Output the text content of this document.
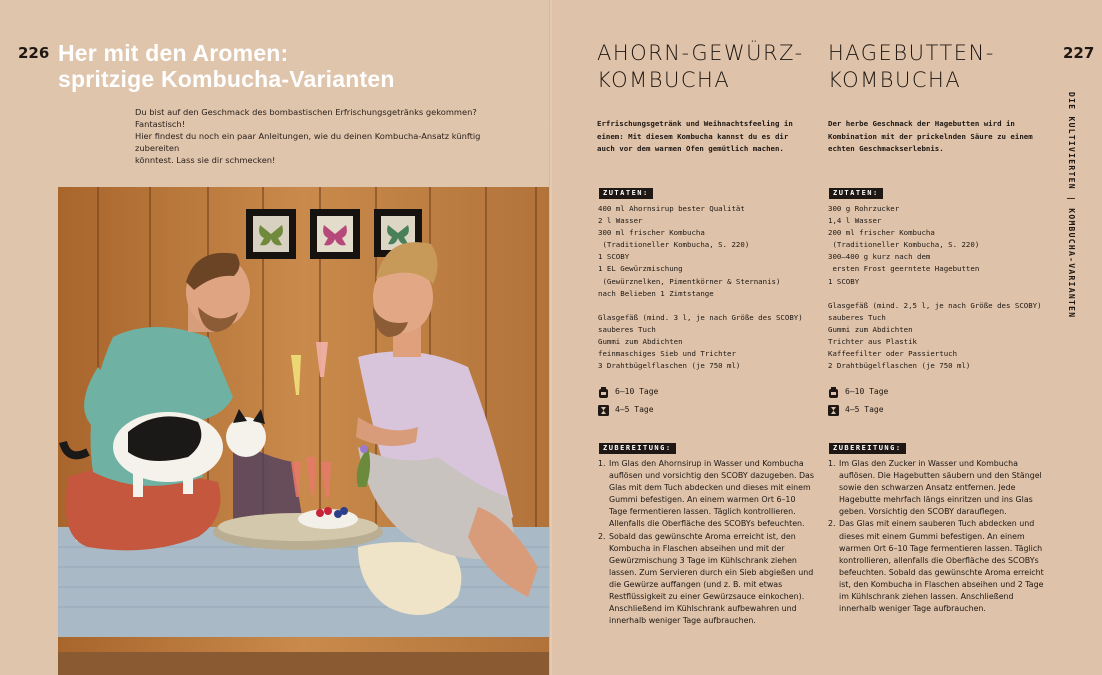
226 Her mit den Aromen:
spritzige Kombucha-Varianten
Du bist auf den Geschmack des bombastischen Erfrischungsgetränks gekommen? Fantastisch!
Hier findest du noch ein paar Anleitungen, wie du deinen Kombucha-Ansatz künftig zubereiten
könntest. Lass sie dir schmecken!
227
DIE KULTIVIERTEN | KOMBUCHA-VARIANTEN
AHORN-GEWÜRZ-
KOMBUCHA
Erfrischungsgetränk und Weihnachtsfeeling in
einem: Mit diesem Kombucha kannst du es dir
auch vor dem warmen Ofen gemütlich machen.
ZUTATEN:
400 ml Ahornsirup bester Qualität
2 l Wasser
300 ml frischer Kombucha
(Traditioneller Kombucha, S. 220)
1 SCOBY
1 EL Gewürzmischung
(Gewürznelken, Pimentkörner & Sternanis)
nach Belieben 1 Zimtstange
Glasgefäß (mind. 3 l, je nach Größe des SCOBY)
sauberes Tuch
Gummi zum Abdichten
feinmaschiges Sieb und Trichter
3 Drahtbügelflaschen (je 750 ml)
6–10 Tage
4–5 Tage
ZUBEREITUNG:
1. Im Glas den Ahornsirup in Wasser und Kombucha auflösen und vorsichtig den SCOBY dazugeben. Das Glas mit dem Tuch abdecken und dieses mit einem Gummi befestigen. An einem warmen Ort 6–10 Tage fermentieren lassen. Täglich kontrollieren. Allenfalls die Oberfläche des SCOBYs befeuchten.
2. Sobald das gewünschte Aroma erreicht ist, den Kombucha in Flaschen abseihen und mit der Gewürzmischung 3 Tage im Kühlschrank ziehen lassen. Zum Servieren durch ein Sieb abgießen und die Gewürze auffangen (und z. B. mit etwas Restflüssigkeit zu einer Gewürzsauce einkochen). Anschließend im Kühlschrank aufbewahren und innerhalb weniger Tage aufbrauchen.
HAGEBUTTEN-
KOMBUCHA
Der herbe Geschmack der Hagebutten wird in
Kombination mit der prickelnden Säure zu einem
echten Geschmackserlebnis.
ZUTATEN:
300 g Rohrzucker
1,4 l Wasser
200 ml frischer Kombucha
(Traditioneller Kombucha, S. 220)
300–400 g kurz nach dem
ersten Frost geerntete Hagebutten
1 SCOBY
Glasgefäß (mind. 2,5 l, je nach Größe des SCOBY)
sauberes Tuch
Gummi zum Abdichten
Trichter aus Plastik
Kaffeefilter oder Passiertuch
2 Drahtbügelflaschen (je 750 ml)
6–10 Tage
4–5 Tage
ZUBEREITUNG:
1. Im Glas den Zucker in Wasser und Kombucha auflösen. Die Hagebutten säubern und den Stängel sowie den schwarzen Ansatz entfernen. Jede Hagebutte mehrfach längs einritzen und ins Glas geben. Vorsichtig den SCOBY darauflegen.
2. Das Glas mit einem sauberen Tuch abdecken und dieses mit einem Gummi befestigen. An einem warmen Ort 6–10 Tage fermentieren lassen. Täglich kontrollieren, allenfalls die Oberfläche des SCOBYs befeuchten. Sobald das gewünschte Aroma erreicht ist, den Kombucha in Flaschen abseihen und 2 Tage im Kühlschrank ziehen lassen. Anschließend innerhalb weniger Tage aufbrauchen.
